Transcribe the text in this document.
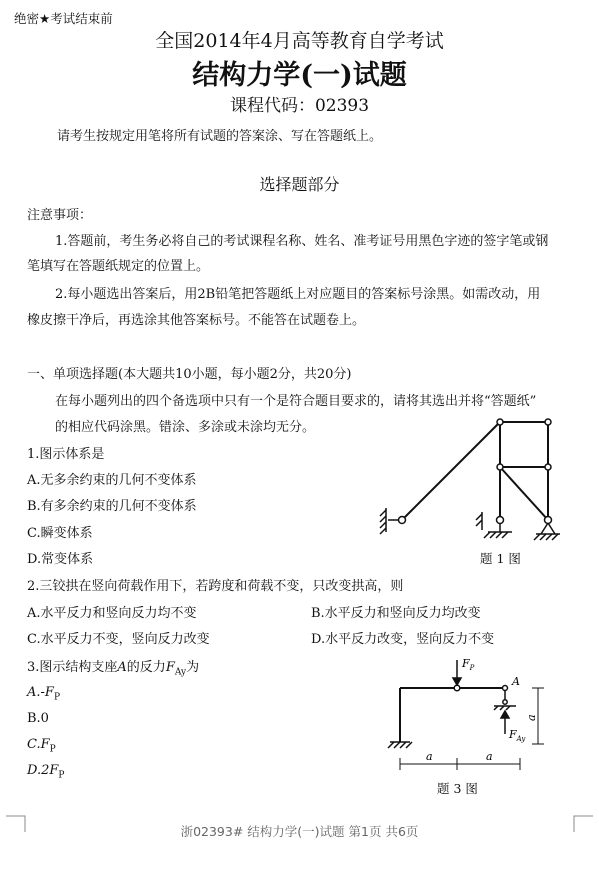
绝密★考试结束前
全国2014年4月高等教育自学考试
结构力学(一)试题
课程代码：02393
请考生按规定用笔将所有试题的答案涂、写在答题纸上。
选择题部分
注意事项：
1.答题前，考生务必将自己的考试课程名称、姓名、准考证号用黑色字迹的签字笔或钢
笔填写在答题纸规定的位置上。
2.每小题选出答案后，用2B铅笔把答题纸上对应题目的答案标号涂黑。如需改动，用
橡皮擦干净后，再选涂其他答案标号。不能答在试题卷上。
一、单项选择题(本大题共10小题，每小题2分，共20分)
在每小题列出的四个备选项中只有一个是符合题目要求的，请将其选出并将“答题纸”
的相应代码涂黑。错涂、多涂或未涂均无分。
1.图示体系是
A.无多余约束的几何不变体系
B.有多余约束的几何不变体系
C.瞬变体系
D.常变体系	题 1 图
2.三铰拱在竖向荷载作用下，若跨度和荷载不变，只改变拱高，则
A.水平反力和竖向反力均不变	B.水平反力和竖向反力均改变
C.水平反力不变，竖向反力改变	D.水平反力改变，竖向反力不变
3.图示结构支座A的反力$F_{Ay}$为
$A.-F_P$
B.0
$C.F_P$
$D.2F_P$
$F_P$
A
$F_{Ay}$
a
a	a
题 3 图
浙02393# 结构力学(一)试题 第1页 共6页
